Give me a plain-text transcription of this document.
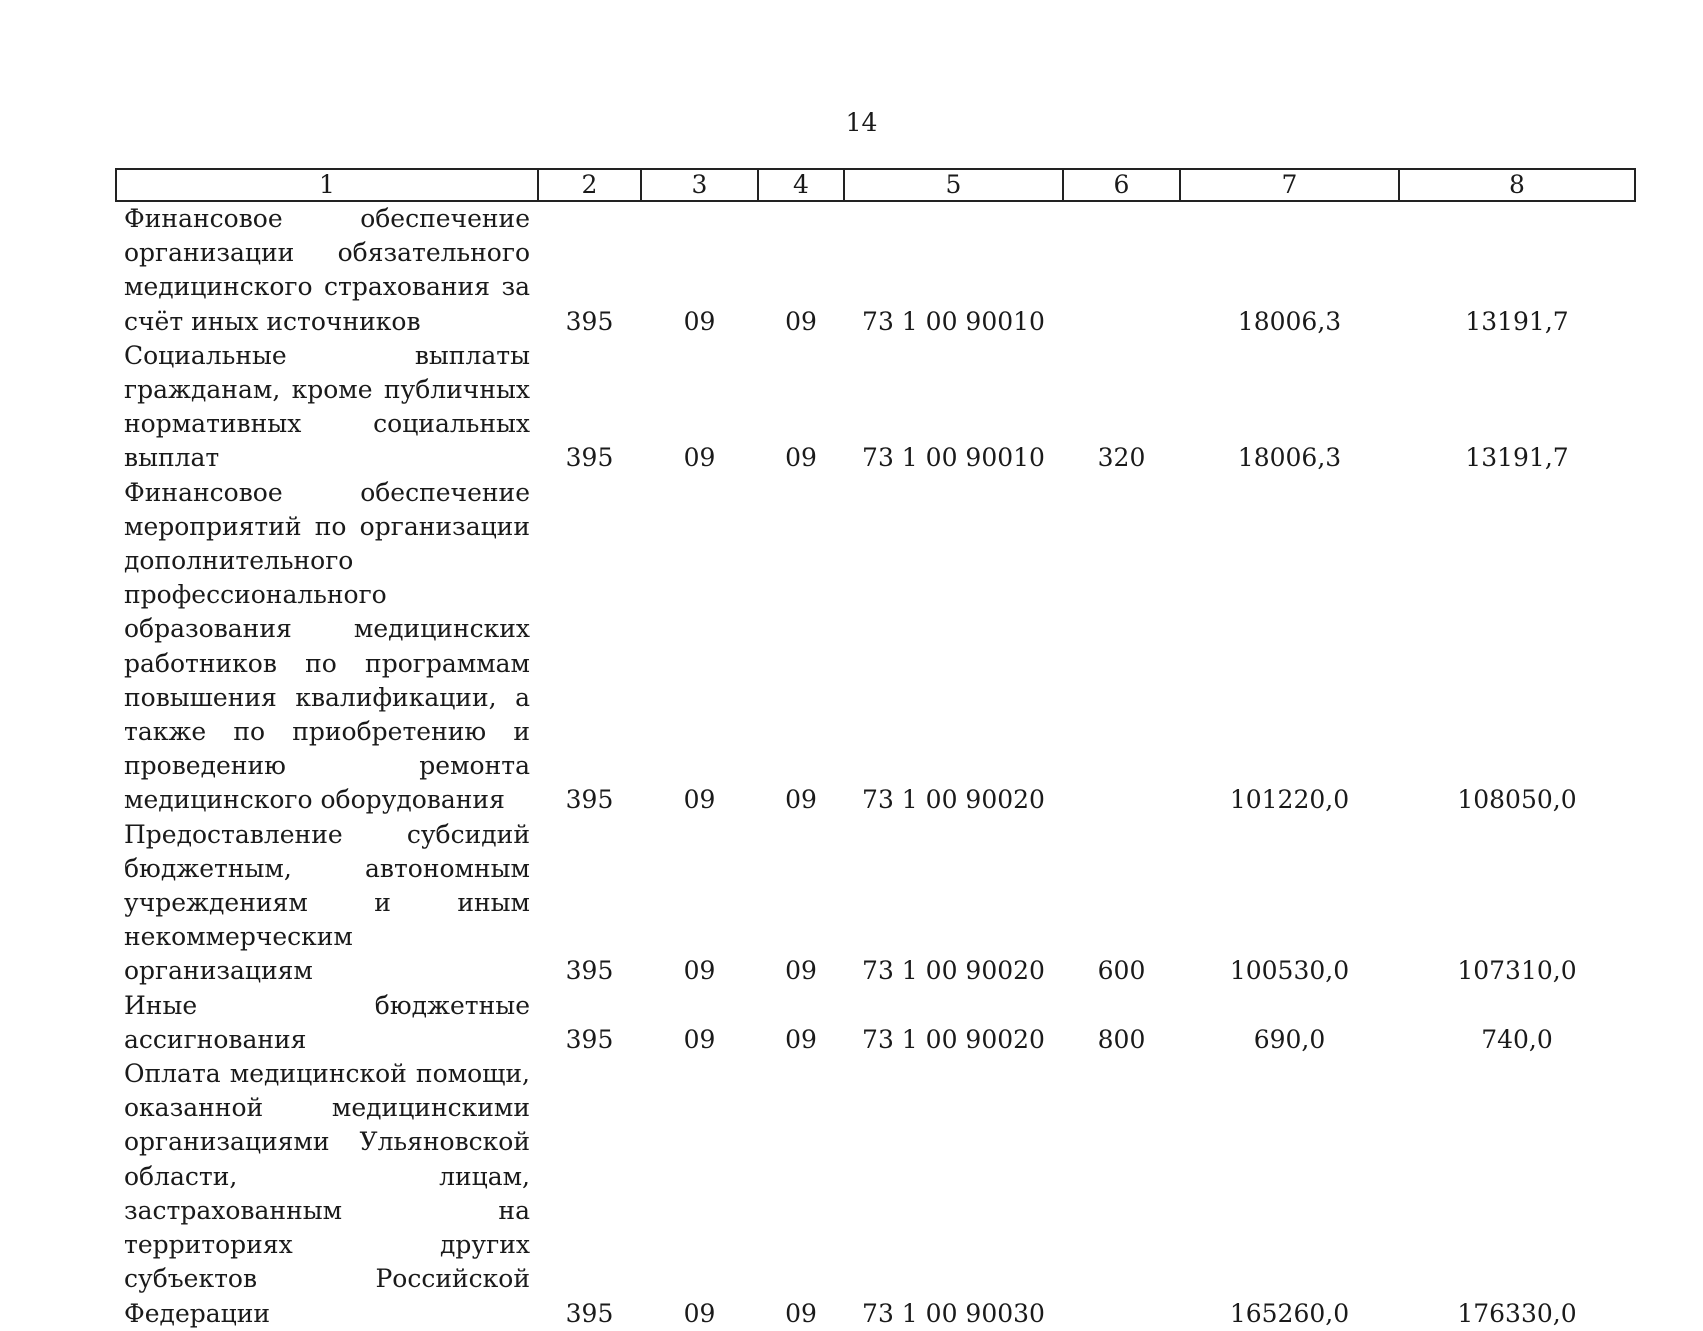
14
1	2	3	4	5	6	7	8
Финансовое обеспечение организации обязательного медицинского страхования за счёт иных источников	395	09	09	73 1 00 90010		18006,3	13191,7
Социальные выплаты гражданам, кроме публичных нормативных социальных выплат	395	09	09	73 1 00 90010	320	18006,3	13191,7
Финансовое обеспечение мероприятий по организации дополнительного профессионального образования медицинских работников по программам повышения квалификации, а также по приобретению и проведению ремонта медицинского оборудования	395	09	09	73 1 00 90020		101220,0	108050,0
Предоставление субсидий бюджетным, автономным учреждениям и иным некоммерческим организациям	395	09	09	73 1 00 90020	600	100530,0	107310,0
Иные бюджетные ассигнования	395	09	09	73 1 00 90020	800	690,0	740,0
Оплата медицинской помощи, оказанной медицинскими организациями Ульяновской области, лицам, застрахованным на территориях других субъектов Российской Федерации	395	09	09	73 1 00 90030		165260,0	176330,0
